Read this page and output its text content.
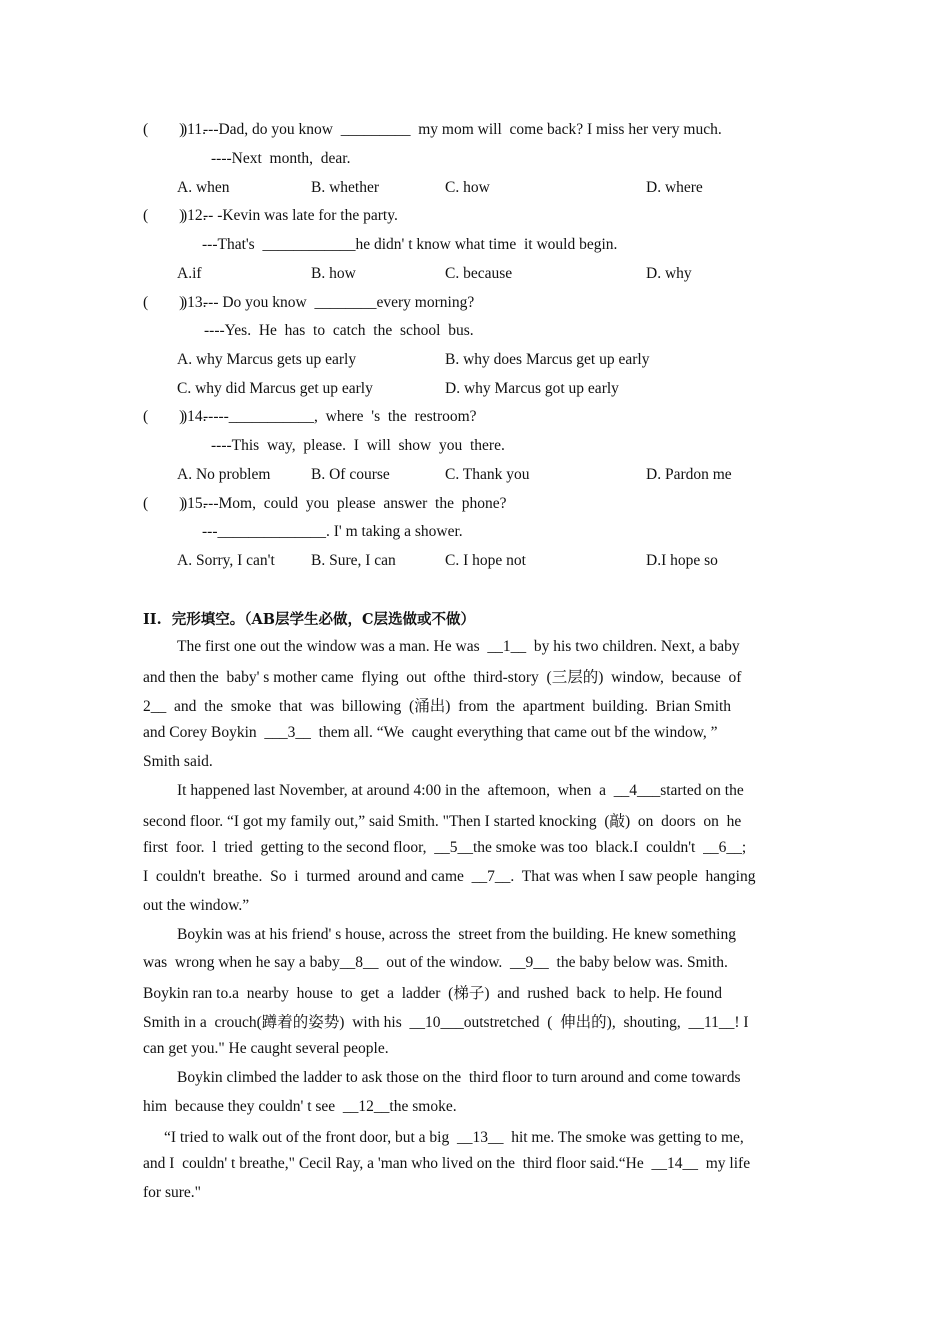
(        )
)11.
---Dad, do you know  _________  my mom will  come back? I miss her very much.
----Next  month,  dear.
A. when	B. whether	C. how	D. where
(        )
)12.
-- -Kevin was late for the party.
---That's  ____________he didn' t know what time  it would begin.
A.if	B. how	C. because	D. why
(        )
)13.
--- Do you know  ________every morning?
----Yes.  He  has  to  catch  the  school  bus.
A. why Marcus gets up early	B. why does Marcus get up early
C. why did Marcus get up early	D. why Marcus got up early
(        )
)14.
-----___________,  where  's  the  restroom?
----This  way,  please.  I  will  show  you  there.
A. No problem	B. Of course	C. Thank you	D. Pardon me
(        )
)15.
---Mom,  could  you  please  answer  the  phone?
---______________. I' m taking a shower.
A. Sorry, I can't B. Sure, I can	C. I hope not	D.I hope so
II.  完形填空。（AB层学生必做，C层选做或不做）
The first one out the window was a man. He was  __1__  by his two children. Next, a baby
and then the  baby' s mother came  flying  out  ofthe  third-story  (三层的)  window,  because  of
2__  and  the  smoke  that  was  billowing  (涌出)  from  the  apartment  building.  Brian Smith
and Corey Boykin  ___3__  them all. “We  caught everything that came out bf the window, ”
Smith said.
It happened last November, at around 4:00 in the  aftemoon,  when  a  __4___started on the
second floor. “I got my family out,” said Smith. "Then I started knocking  (敲)  on  doors  on  he
first  foor.  l  tried  getting to the second floor,  __5__the smoke was too  black.I  couldn't  __6__;
I  couldn't  breathe.  So  i  turmed  around and came  __7__.  That was when I saw people  hanging
out the window.”
Boykin was at his friend' s house, across the  street from the building. He knew something
was  wrong when he say a baby__8__  out of the window.  __9__  the baby below was. Smith.
Boykin ran to.a  nearby  house  to  get  a  ladder  (梯子)  and  rushed  back  to help. He found
Smith in a  crouch(蹲着的姿势)  with his  __10___outstretched  (  伸出的),  shouting,  __11__! I
can get you." He caught several people.
Boykin climbed the ladder to ask those on the  third floor to turn around and come towards
him  because they couldn' t see  __12__the smoke.
“I tried to walk out of the front door, but a big  __13__  hit me. The smoke was getting to me,
and I  couldn' t breathe," Cecil Ray, a 'man who lived on the  third floor said.“He  __14__  my life
for sure."
